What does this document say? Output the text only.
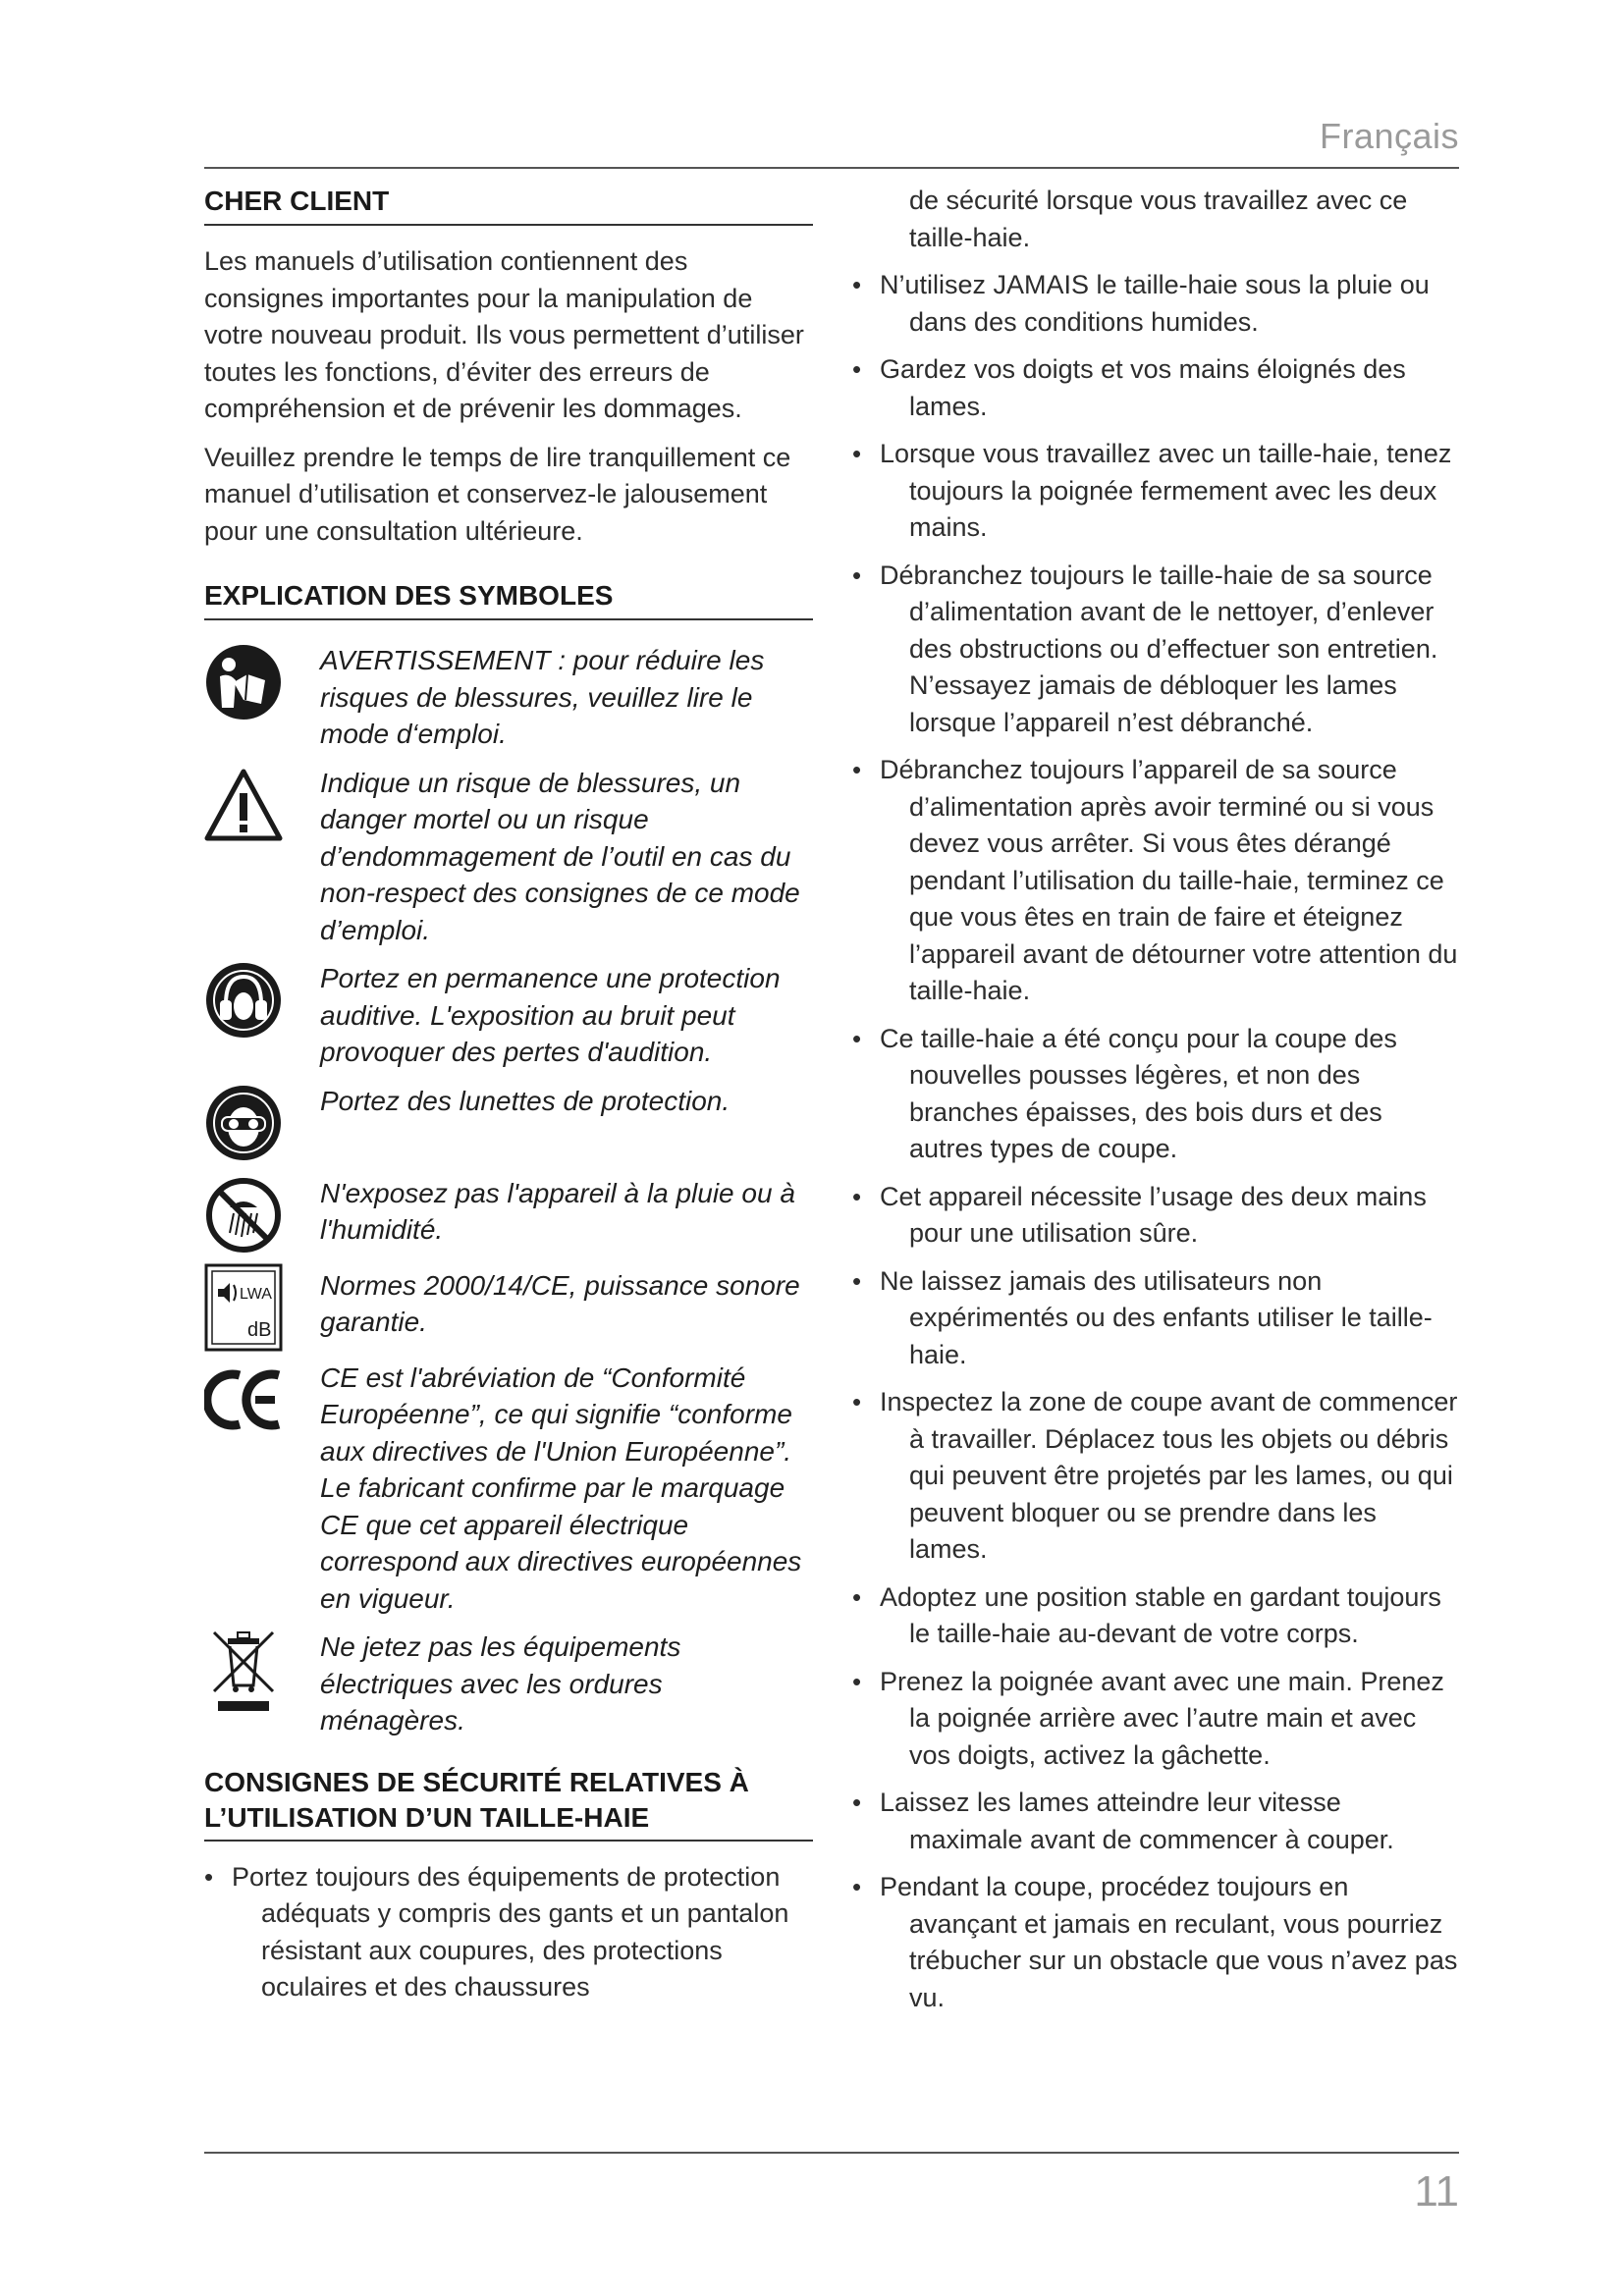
Français
CHER CLIENT

Les manuels d’utilisation contiennent des consignes importantes pour la manipulation de votre nouveau produit. Ils vous permettent d’utiliser toutes les fonctions, d’éviter des erreurs de compréhension et de prévenir les dommages.

Veuillez prendre le temps de lire tranquillement ce manuel d’utilisation et conservez-le jalousement pour une consultation ultérieure.

EXPLICATION DES SYMBOLES
AVERTISSEMENT : pour réduire les risques de blessures, veuillez lire le mode d‘emploi.
Indique un risque de blessures, un danger mortel ou un risque d’endommagement de l’outil en cas du non-respect des consignes de ce mode d’emploi.
Portez en permanence une protection auditive. L'exposition au bruit peut provoquer des pertes d'audition.
Portez des lunettes de protection.
N'exposez pas l'appareil à la pluie ou à l'humidité.
LWA
dB
Normes 2000/14/CE, puissance sonore garantie.
CE est l'abréviation de “Conformité Européenne”, ce qui signifie “conforme aux directives de l'Union Européenne”. Le fabricant confirme par le marquage CE que cet appareil électrique correspond aux directives européennes en vigueur.
Ne jetez pas les équipements électriques avec les ordures ménagères.
CONSIGNES DE SÉCURITÉ RELATIVES À L’UTILISATION D’UN TAILLE-HAIE
• Portez toujours des équipements de protection adéquats y compris des gants et un pantalon résistant aux coupures, des protections oculaires et des chaussures

de sécurité lorsque vous travaillez avec ce taille-haie.

• N’utilisez JAMAIS le taille-haie sous la pluie ou dans des conditions humides.
• Gardez vos doigts et vos mains éloignés des lames.
• Lorsque vous travaillez avec un taille-haie, tenez toujours la poignée fermement avec les deux mains.
• Débranchez toujours le taille-haie de sa source d’alimentation avant de le nettoyer, d’enlever des obstructions ou d’effectuer son entretien. N’essayez jamais de débloquer les lames lorsque l’appareil n’est débranché.
• Débranchez toujours l’appareil de sa source d’alimentation après avoir terminé ou si vous devez vous arrêter. Si vous êtes dérangé pendant l’utilisation du taille-haie, terminez ce que vous êtes en train de faire et éteignez l’appareil avant de détourner votre attention du taille-haie.
• Ce taille-haie a été conçu pour la coupe des nouvelles pousses légères, et non des branches épaisses, des bois durs et des autres types de coupe.
• Cet appareil nécessite l’usage des deux mains pour une utilisation sûre.
• Ne laissez jamais des utilisateurs non expérimentés ou des enfants utiliser le taille-haie.
• Inspectez la zone de coupe avant de commencer à travailler. Déplacez tous les objets ou débris qui peuvent être projetés par les lames, ou qui peuvent bloquer ou se prendre dans les lames.
• Adoptez une position stable en gardant toujours le taille-haie au-devant de votre corps.
• Prenez la poignée avant avec une main. Prenez la poignée arrière avec l’autre main et avec vos doigts, activez la gâchette.
• Laissez les lames atteindre leur vitesse maximale avant de commencer à couper.
• Pendant la coupe, procédez toujours en avançant et jamais en reculant, vous pourriez trébucher sur un obstacle que vous n’avez pas vu.
11
